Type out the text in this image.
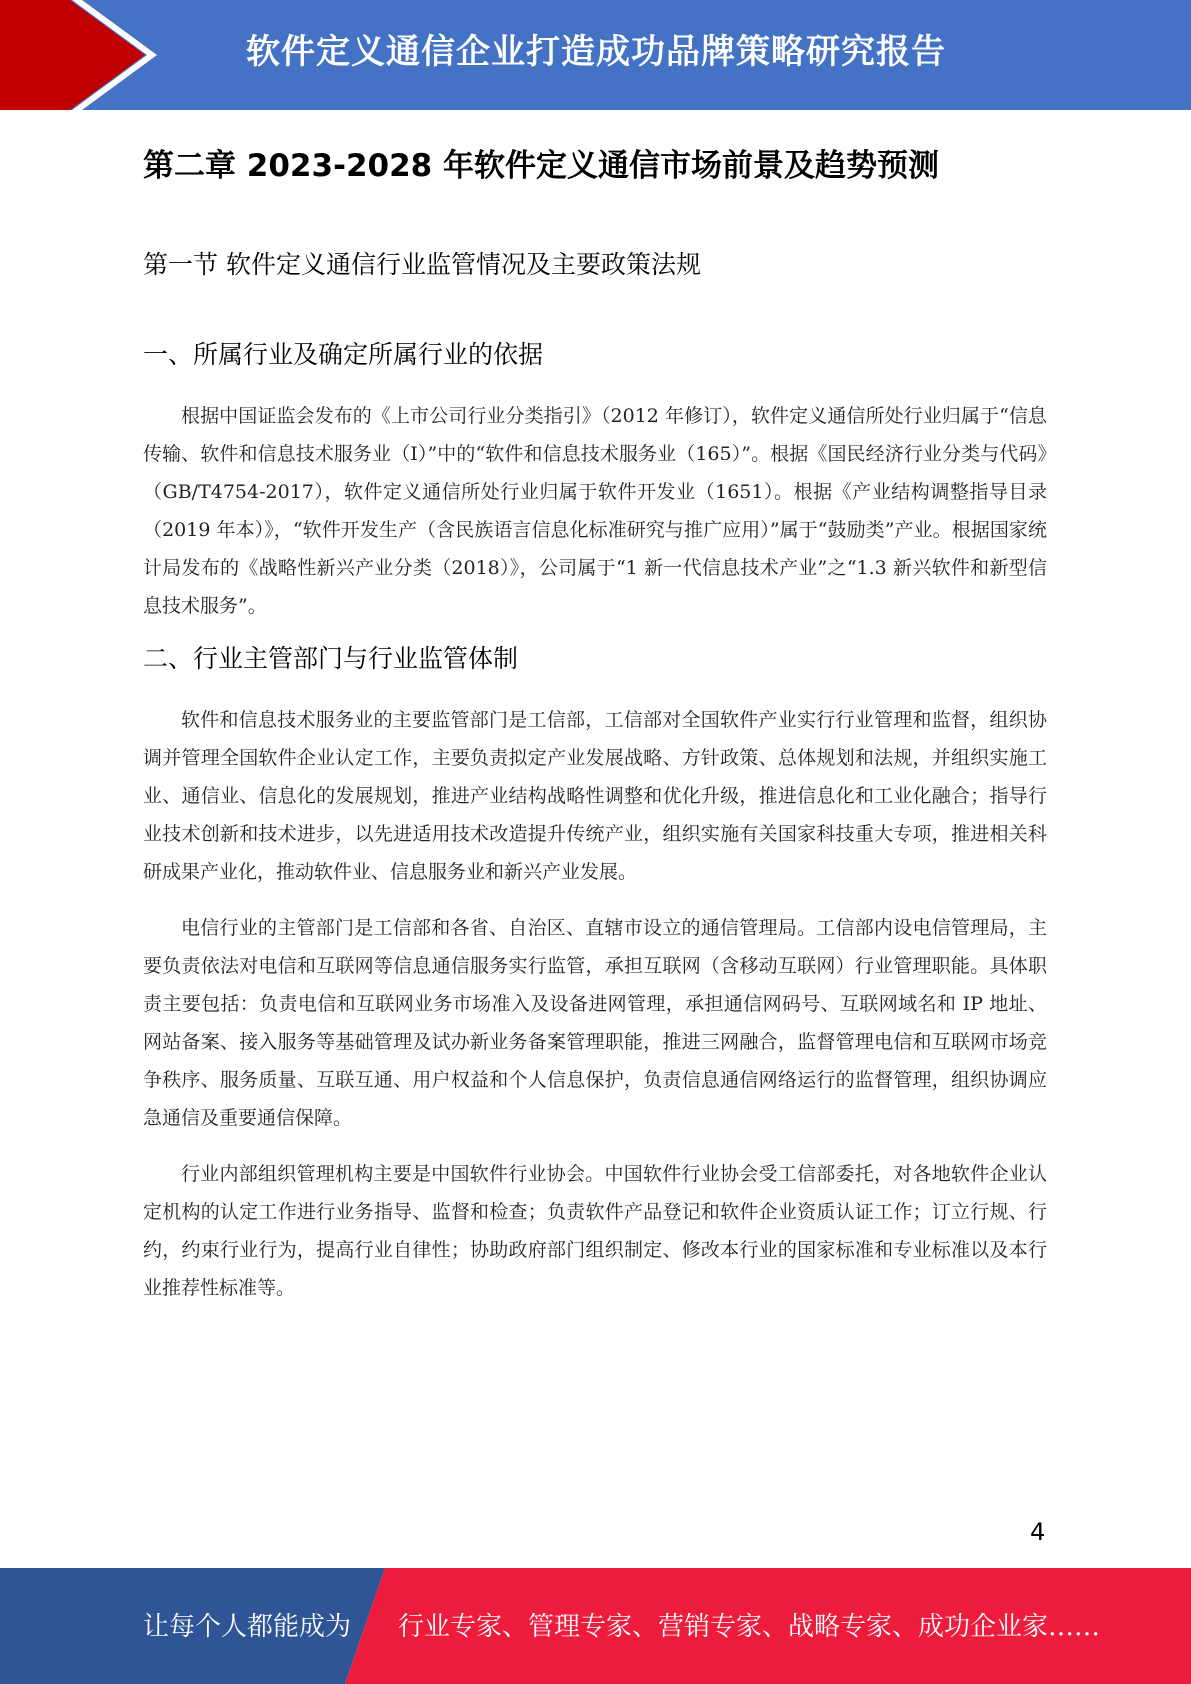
软件定义通信企业打造成功品牌策略研究报告
第二章 2023-2028 年软件定义通信市场前景及趋势预测
第一节 软件定义通信行业监管情况及主要政策法规
一、所属行业及确定所属行业的依据

根据中国证监会发布的《上市公司行业分类指引》（2012 年修订），软件定义通信所处行业归属于“信息传输、软件和信息技术服务业（I）”中的“软件和信息技术服务业（165）”。根据《国民经济行业分类与代码》（GB/T4754-2017），软件定义通信所处行业归属于软件开发业（1651）。根据《产业结构调整指导目录（2019 年本）》，“软件开发生产（含民族语言信息化标准研究与推广应用）”属于“鼓励类”产业。根据国家统计局发布的《战略性新兴产业分类（2018）》，公司属于“1 新一代信息技术产业”之“1.3 新兴软件和新型信息技术服务”。

二、行业主管部门与行业监管体制

软件和信息技术服务业的主要监管部门是工信部，工信部对全国软件产业实行行业管理和监督，组织协调并管理全国软件企业认定工作，主要负责拟定产业发展战略、方针政策、总体规划和法规，并组织实施工业、通信业、信息化的发展规划，推进产业结构战略性调整和优化升级，推进信息化和工业化融合；指导行业技术创新和技术进步，以先进适用技术改造提升传统产业，组织实施有关国家科技重大专项，推进相关科研成果产业化，推动软件业、信息服务业和新兴产业发展。

电信行业的主管部门是工信部和各省、自治区、直辖市设立的通信管理局。工信部内设电信管理局，主要负责依法对电信和互联网等信息通信服务实行监管，承担互联网（含移动互联网）行业管理职能。具体职责主要包括：负责电信和互联网业务市场准入及设备进网管理，承担通信网码号、互联网域名和 IP 地址、网站备案、接入服务等基础管理及试办新业务备案管理职能，推进三网融合，监督管理电信和互联网市场竞争秩序、服务质量、互联互通、用户权益和个人信息保护，负责信息通信网络运行的监督管理，组织协调应急通信及重要通信保障。

行业内部组织管理机构主要是中国软件行业协会。中国软件行业协会受工信部委托，对各地软件企业认定机构的认定工作进行业务指导、监督和检查；负责软件产品登记和软件企业资质认证工作；订立行规、行约，约束行业行为，提高行业自律性；协助政府部门组织制定、修改本行业的国家标准和专业标准以及本行业推荐性标准等。

4
让每个人都能成为 行业专家、管理专家、营销专家、战略专家、成功企业家……
